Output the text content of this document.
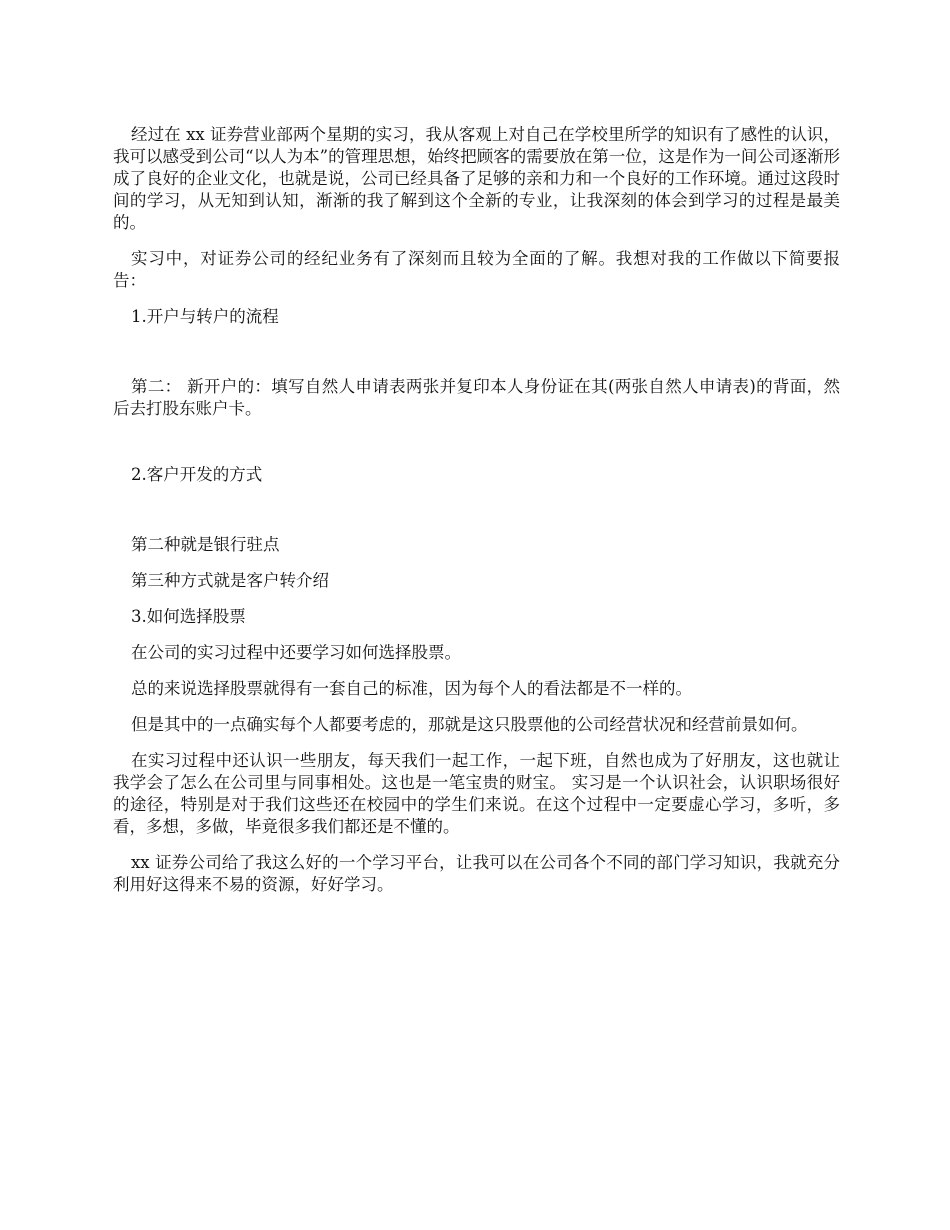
经过在 xx 证券营业部两个星期的实习，我从客观上对自己在学校里所学的知识有了感性的认识，我可以感受到公司“以人为本”的管理思想，始终把顾客的需要放在第一位，这是作为一间公司逐渐形成了良好的企业文化，也就是说，公司已经具备了足够的亲和力和一个良好的工作环境。通过这段时间的学习，从无知到认知，渐渐的我了解到这个全新的专业，让我深刻的体会到学习的过程是最美的。

实习中，对证券公司的经纪业务有了深刻而且较为全面的了解。我想对我的工作做以下简要报告：

1.开户与转户的流程

第二： 新开户的：填写自然人申请表两张并复印本人身份证在其(两张自然人申请表)的背面，然后去打股东账户卡。

2.客户开发的方式

第二种就是银行驻点

第三种方式就是客户转介绍

3.如何选择股票

在公司的实习过程中还要学习如何选择股票。

总的来说选择股票就得有一套自己的标准，因为每个人的看法都是不一样的。

但是其中的一点确实每个人都要考虑的，那就是这只股票他的公司经营状况和经营前景如何。

在实习过程中还认识一些朋友，每天我们一起工作，一起下班，自然也成为了好朋友，这也就让我学会了怎么在公司里与同事相处。这也是一笔宝贵的财宝。 实习是一个认识社会，认识职场很好的途径，特别是对于我们这些还在校园中的学生们来说。在这个过程中一定要虚心学习，多听，多看，多想，多做，毕竟很多我们都还是不懂的。

xx 证券公司给了我这么好的一个学习平台，让我可以在公司各个不同的部门学习知识，我就充分利用好这得来不易的资源，好好学习。
